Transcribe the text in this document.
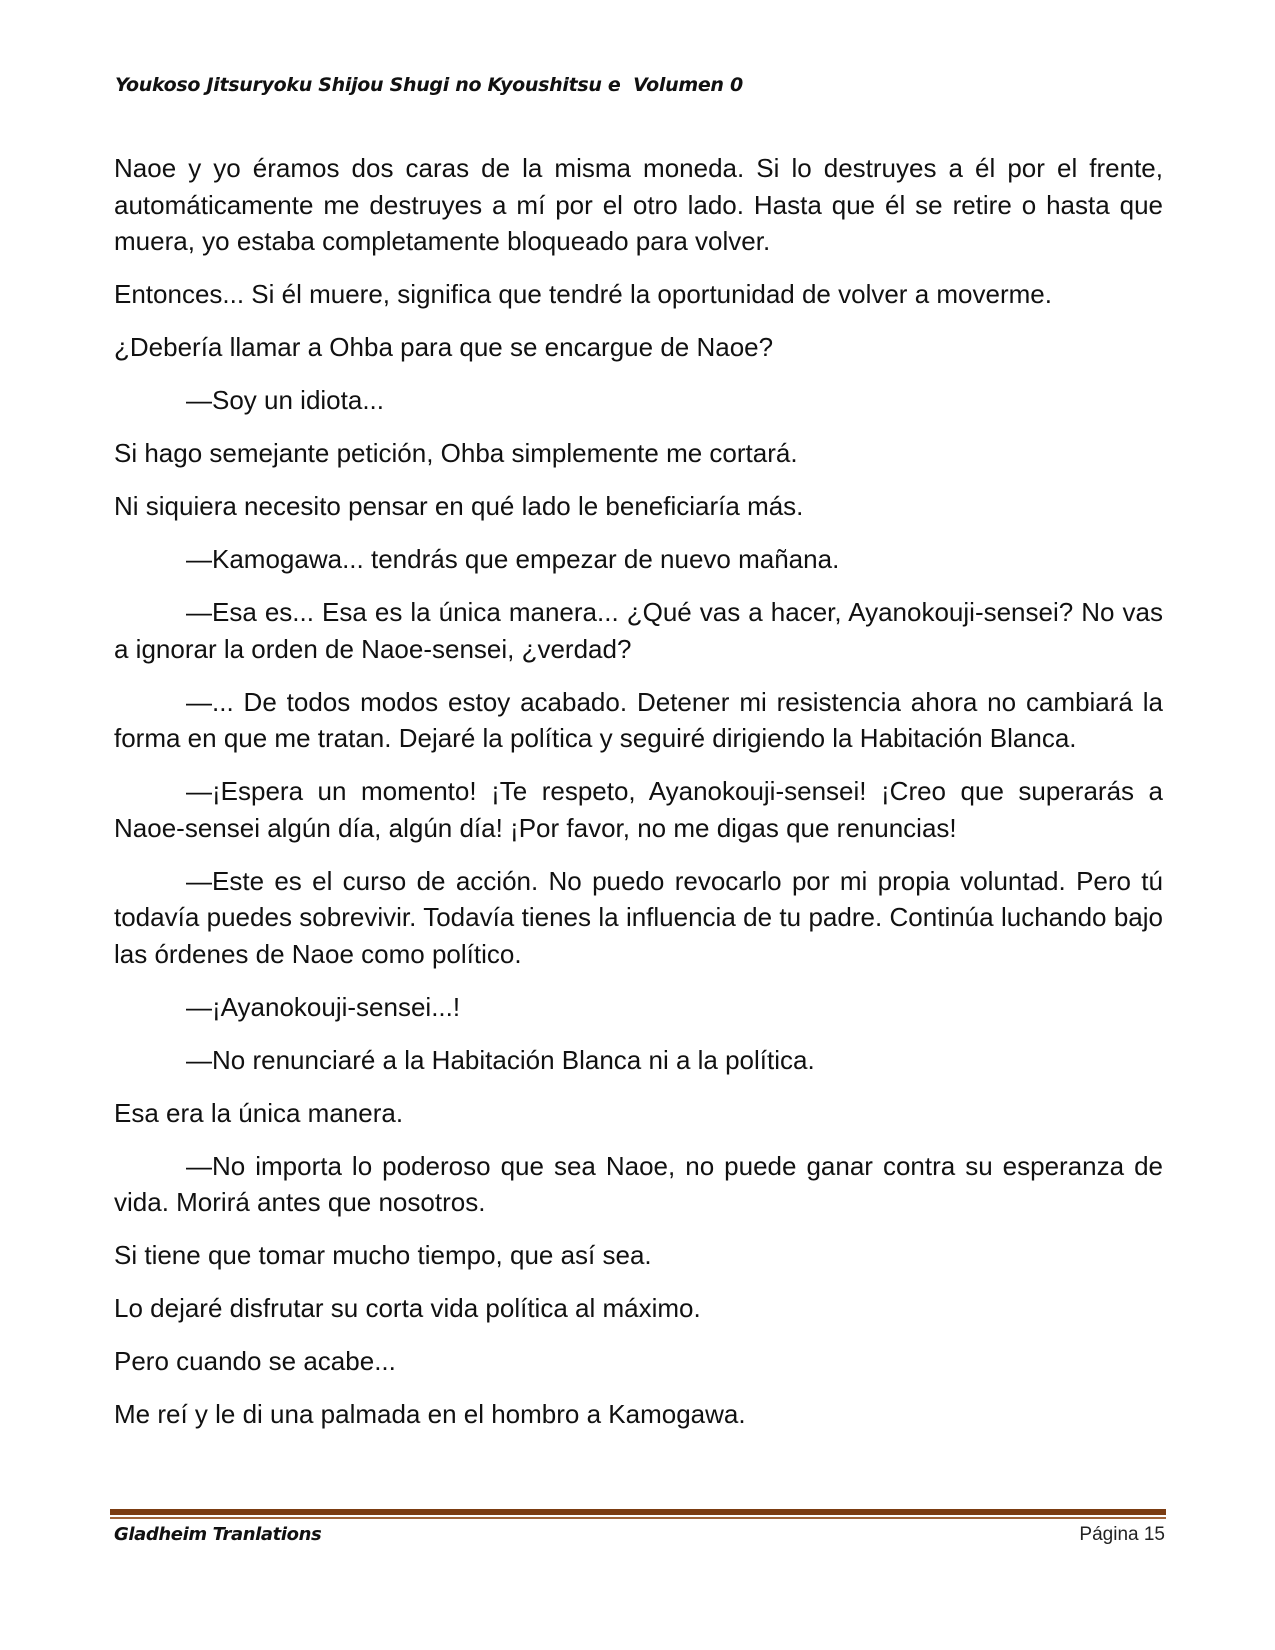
Youkoso Jitsuryoku Shijou Shugi no Kyoushitsu e  Volumen 0

Naoe y yo éramos dos caras de la misma moneda. Si lo destruyes a él por el frente, automáticamente me destruyes a mí por el otro lado. Hasta que él se retire o hasta que muera, yo estaba completamente bloqueado para volver.

Entonces... Si él muere, significa que tendré la oportunidad de volver a moverme.

¿Debería llamar a Ohba para que se encargue de Naoe?

—Soy un idiota...

Si hago semejante petición, Ohba simplemente me cortará.

Ni siquiera necesito pensar en qué lado le beneficiaría más.

—Kamogawa... tendrás que empezar de nuevo mañana.

—Esa es... Esa es la única manera... ¿Qué vas a hacer, Ayanokouji-sensei? No vas a ignorar la orden de Naoe-sensei, ¿verdad?

—... De todos modos estoy acabado. Detener mi resistencia ahora no cambiará la forma en que me tratan. Dejaré la política y seguiré dirigiendo la Habitación Blanca.

—¡Espera un momento! ¡Te respeto, Ayanokouji-sensei! ¡Creo que superarás a Naoe-sensei algún día, algún día! ¡Por favor, no me digas que renuncias!

—Este es el curso de acción. No puedo revocarlo por mi propia voluntad. Pero tú todavía puedes sobrevivir. Todavía tienes la influencia de tu padre. Continúa luchando bajo las órdenes de Naoe como político.

—¡Ayanokouji-sensei...!

—No renunciaré a la Habitación Blanca ni a la política.

Esa era la única manera.

—No importa lo poderoso que sea Naoe, no puede ganar contra su esperanza de vida. Morirá antes que nosotros.

Si tiene que tomar mucho tiempo, que así sea.

Lo dejaré disfrutar su corta vida política al máximo.

Pero cuando se acabe...

Me reí y le di una palmada en el hombro a Kamogawa.

Gladheim Tranlations	Página 15
